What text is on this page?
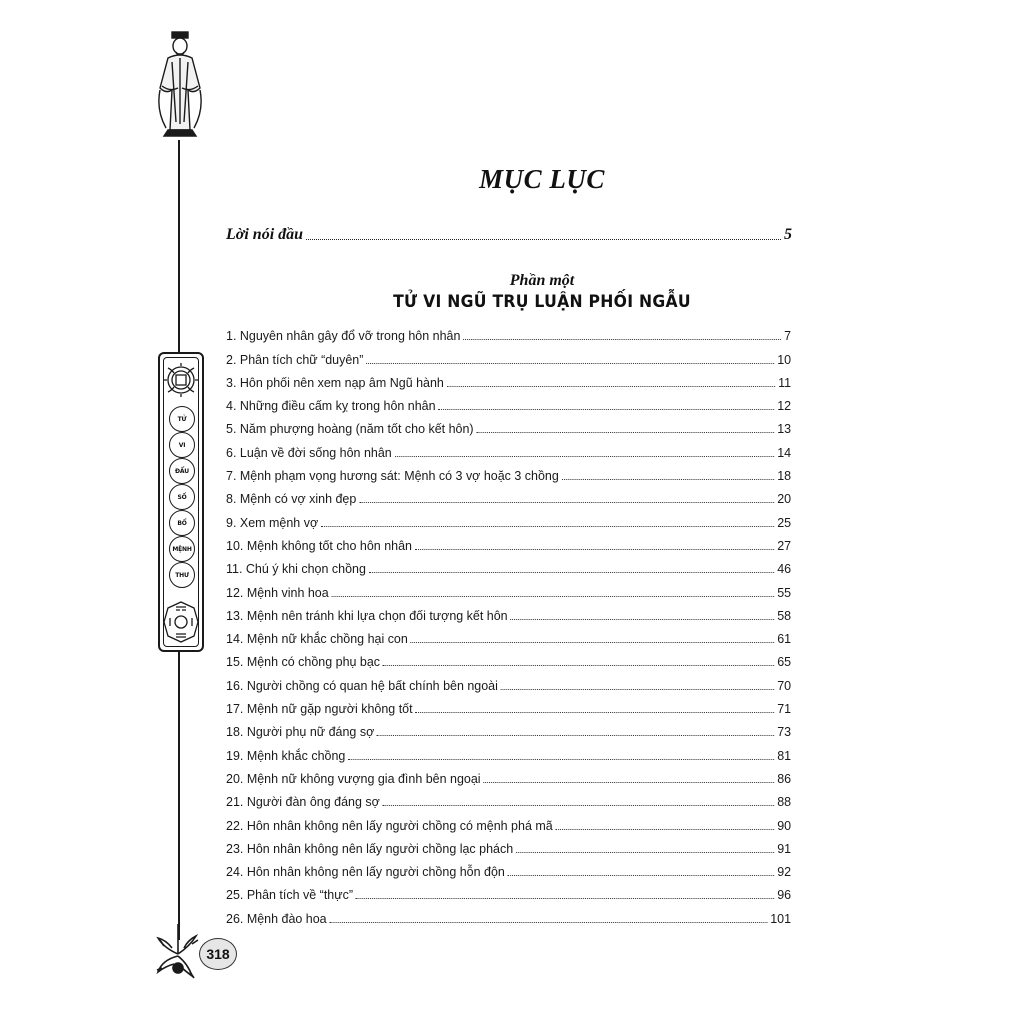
TỬ
VI
ĐẨU
SỐ
BỔ
MỆNH
THƯ
318
MỤC LỤC
Lời nói đầu	5
Phần một
TỬ VI NGŨ TRỤ LUẬN PHỐI NGẪU
1. Nguyên nhân gây đổ vỡ trong hôn nhân	7
2. Phân tích chữ “duyên”	10
3. Hôn phối nên xem nạp âm Ngũ hành	11
4. Những điều cấm kỵ trong hôn nhân	12
5. Năm phượng hoàng (năm tốt cho kết hôn)	13
6. Luận về đời sống hôn nhân	14
7. Mệnh phạm vọng hương sát: Mệnh có 3 vợ hoặc 3 chồng	18
8. Mệnh có vợ xinh đẹp	20
9. Xem mệnh vợ	25
10. Mệnh không tốt cho hôn nhân	27
11. Chú ý khi chọn chồng	46
12. Mệnh vinh hoa	55
13. Mệnh nên tránh khi lựa chọn đối tượng kết hôn	58
14. Mệnh nữ khắc chồng hại con	61
15. Mệnh có chồng phụ bạc	65
16. Người chồng có quan hệ bất chính bên ngoài	70
17. Mệnh nữ gặp người không tốt	71
18. Người phụ nữ đáng sợ	73
19. Mệnh khắc chồng	81
20. Mệnh nữ không vượng gia đình bên ngoại	86
21. Người đàn ông đáng sợ	88
22. Hôn nhân không nên lấy người chồng có mệnh phá mã	90
23. Hôn nhân không nên lấy người chồng lạc phách	91
24. Hôn nhân không nên lấy người chồng hỗn độn	92
25. Phân tích về “thực”	96
26. Mệnh đào hoa	101
